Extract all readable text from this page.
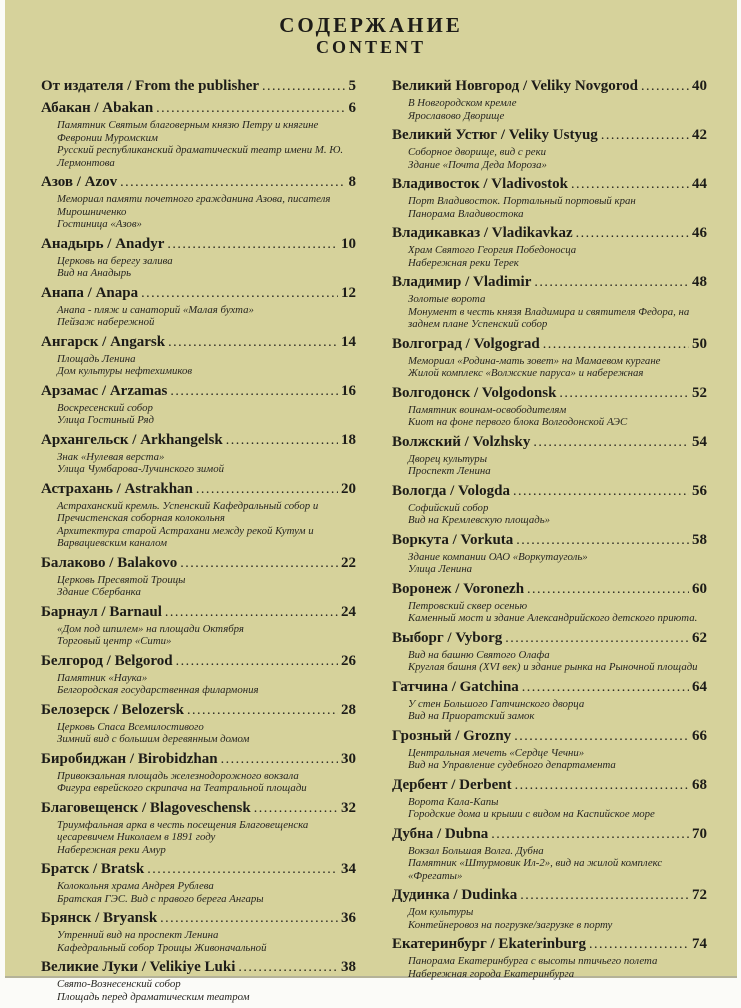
СОДЕРЖАНИЕ
CONTENT
От издателя / From the publisher .....	5
Абакан / Abakan .....	6
Памятник Святым благоверным князю Петру и княгине Февронии Муромским
Русский республиканский драматический театр имени М. Ю. Лермонтова
Азов / Azov .....	8
Мемориал памяти почетного гражданина Азова, писателя Мирошниченко
Гостиница «Азов»
Анадырь / Anadyr .....	10
Церковь на берегу залива
Вид на Анадырь
Анапа / Anapa .....	12
Анапа - пляж и санаторий «Малая бухта»
Пейзаж набережной
Ангарск / Angarsk .....	14
Площадь Ленина
Дом культуры нефтехимиков
Арзамас / Arzamas .....	16
Воскресенский собор
Улица Гостиный Ряд
Архангельск / Arkhangelsk .....	18
Знак «Нулевая верста»
Улица Чумбарова-Лучинского зимой
Астрахань / Astrakhan .....	20
Астраханский кремль. Успенский Кафедральный собор и Пречистенская соборная колокольня
Архитектура старой Астрахани между рекой Кутум и Варвациевским каналом
Балаково / Balakovo .....	22
Церковь Пресвятой Троицы
Здание Сбербанка
Барнаул / Barnaul .....	24
«Дом под шпилем» на площади Октября
Торговый центр «Сити»
Белгород / Belgorod .....	26
Памятник «Наука»
Белгородская государственная филармония
Белозерск / Belozersk .....	28
Церковь Спаса Всемилостивого
Зимний вид с большим деревянным домом
Биробиджан / Birobidzhan .....	30
Привокзальная площадь железнодорожного вокзала
Фигура еврейского скрипача на Театральной площади
Благовещенск / Blagoveschensk .....	32
Триумфальная арка в честь посещения Благовещенска цесаревичем Николаем в 1891 году
Набережная реки Амур
Братск / Bratsk .....	34
Колокольня храма Андрея Рублева
Братская ГЭС. Вид с правого берега Ангары
Брянск / Bryansk .....	36
Утренний вид на проспект Ленина
Кафедральный собор Троицы Живоначальной
Великие Луки / Velikiye Luki .....	38
Свято-Вознесенский собор
Площадь перед драматическим театром
Великий Новгород / Veliky Novgorod .....	40
В Новгородском кремле
Ярославово Дворище
Великий Устюг / Veliky Ustyug .....	42
Соборное дворище, вид с реки
Здание «Почта Деда Мороза»
Владивосток / Vladivostok .....	44
Порт Владивосток. Портальный портовый кран
Панорама Владивостока
Владикавказ / Vladikavkaz .....	46
Храм Святого Георгия Победоносца
Набережная реки Терек
Владимир / Vladimir .....	48
Золотые ворота
Монумент в честь князя Владимира и святителя Федора, на заднем плане Успенский собор
Волгоград / Volgograd .....	50
Мемориал «Родина-мать зовет» на Мамаевом кургане
Жилой комплекс «Волжские паруса» и набережная
Волгодонск / Volgodonsk .....	52
Памятник воинам-освободителям
Киот на фоне первого блока Волгодонской АЭС
Волжский / Volzhsky .....	54
Дворец культуры
Проспект Ленина
Вологда / Vologda .....	56
Софийский собор
Вид на Кремлевскую площадь»
Воркута / Vorkuta .....	58
Здание компании ОАО «Воркутауголь»
Улица Ленина
Воронеж / Voronezh .....	60
Петровский сквер осенью
Каменный мост и здание Александрийского детского приюта.
Выборг / Vyborg .....	62
Вид на башню Святого Олафа
Круглая башня (XVI век) и здание рынка на Рыночной площади
Гатчина / Gatchina .....	64
У стен Большого Гатчинского дворца
Вид на Приоратский замок
Грозный / Grozny .....	66
Центральная мечеть «Сердце Чечни»
Вид на Управление судебного департамента
Дербент / Derbent .....	68
Ворота Кала-Капы
Городские дома и крыши с видом на Каспийское море
Дубна / Dubna .....	70
Вокзал Большая Волга. Дубна
Памятник «Штурмовик Ил-2», вид на жилой комплекс «Фрегаты»
Дудинка / Dudinka .....	72
Дом культуры
Контейнеровоз на погрузке/загрузке в порту
Екатеринбург / Ekaterinburg .....	74
Панорама Екатеринбурга с высоты птичьего полета
Набережная города Екатеринбурга
